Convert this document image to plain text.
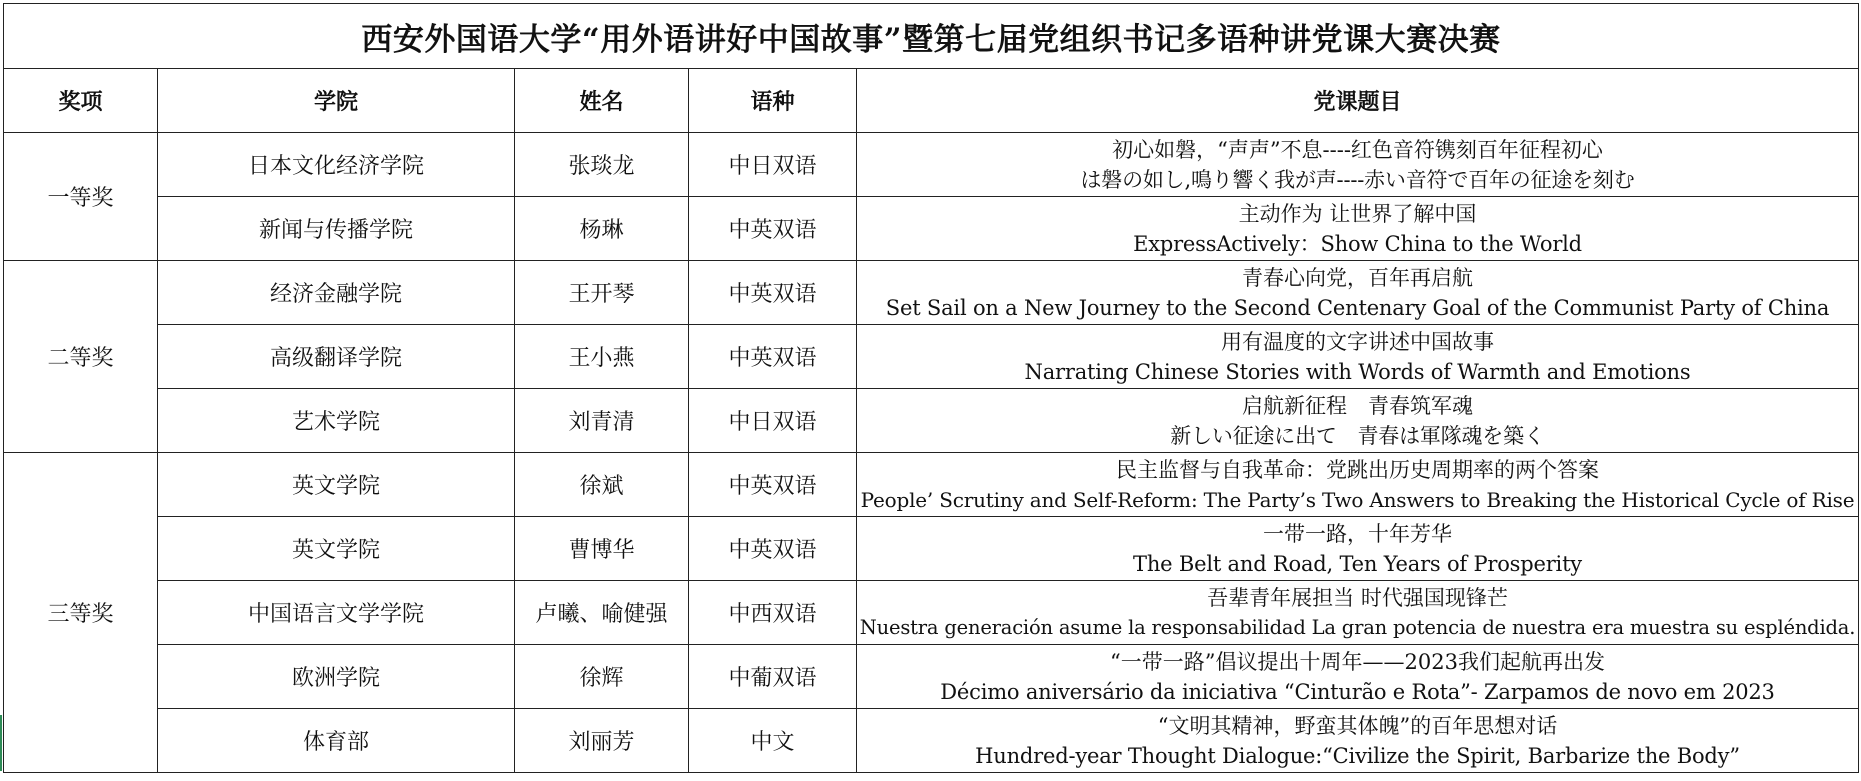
西安外国语大学“用外语讲好中国故事”暨第七届党组织书记多语种讲党课大赛决赛				
奖项	学院	姓名	语种	党课题目
一等奖	日本文化经济学院	张琰龙	中日双语	初心如磐，“声声”不息----红色音符镌刻百年征程初心
は磐の如し,鳴り響く我が声----赤い音符で百年の征途を刻む

	新闻与传播学院	杨琳	中英双语	主动作为 让世界了解中国
ExpressActively：Show China to the World

二等奖	经济金融学院	王开琴	中英双语	青春心向党，百年再启航
Set Sail on a New Journey to the Second Centenary Goal of the Communist Party of China

	高级翻译学院	王小燕	中英双语	用有温度的文字讲述中国故事
Narrating Chinese Stories with Words of Warmth and Emotions

	艺术学院	刘青清	中日双语	启航新征程　青春筑军魂
新しい征途に出て　青春は軍隊魂を築く

三等奖	英文学院	徐斌	中英双语	民主监督与自我革命：党跳出历史周期率的两个答案
People’ Scrutiny and Self-Reform: The Party’s Two Answers to Breaking the Historical Cycle of Rise

	英文学院	曹博华	中英双语	一带一路，十年芳华
The Belt and Road, Ten Years of Prosperity

	中国语言文学学院	卢曦、喻健强	中西双语	吾辈青年展担当 时代强国现锋芒
Nuestra generación asume la responsabilidad La gran potencia de nuestra era muestra su espléndida.

	欧洲学院	徐辉	中葡双语	“一带一路”倡议提出十周年——2023我们起航再出发
Décimo aniversário da iniciativa “Cinturão e Rota”- Zarpamos de novo em 2023

	体育部	刘丽芳	中文	“文明其精神，野蛮其体魄”的百年思想对话
Hundred-year Thought Dialogue:“Civilize the Spirit, Barbarize the Body”
